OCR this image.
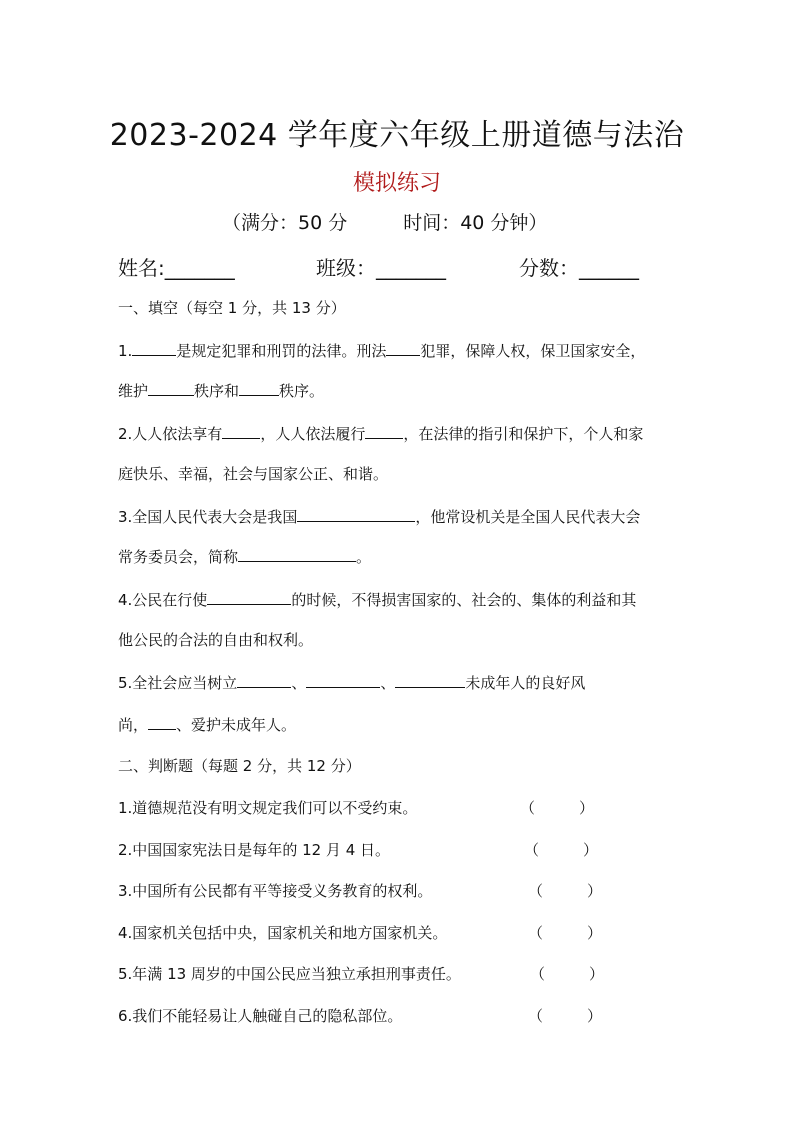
2023-2024 学年度六年级上册道德与法治
模拟练习
（满分：50 分	时间：40 分钟）
姓名:_______	班级：_______	分数：______
一、填空（每空 1 分，共 13 分）
1.	是规定犯罪和刑罚的法律。刑法 犯罪，保障人权，保卫国家安全，
维护	秩序和	秩序。
2.人人依法享有	，人人依法履行	，在法律的指引和保护下，个人和家
庭快乐、幸福，社会与国家公正、和谐。
3.全国人民代表大会是我国	，他常设机关是全国人民代表大会
常务委员会，简称	。
4.公民在行使	的时候，不得损害国家的、社会的、集体的利益和其
他公民的合法的自由和权利。
5.全社会应当树立	、	、	未成年人的良好风
尚， 、爱护未成年人。
二、判断题（每题 2 分，共 12 分）
1.道德规范没有明文规定我们可以不受约束。	（	）
2.中国国家宪法日是每年的 12 月 4 日。	（	）
3.中国所有公民都有平等接受义务教育的权利。	（	）
4.国家机关包括中央，国家机关和地方国家机关。	（	）
5.年满 13 周岁的中国公民应当独立承担刑事责任。	（	）
6.我们不能轻易让人触碰自己的隐私部位。	（	）
